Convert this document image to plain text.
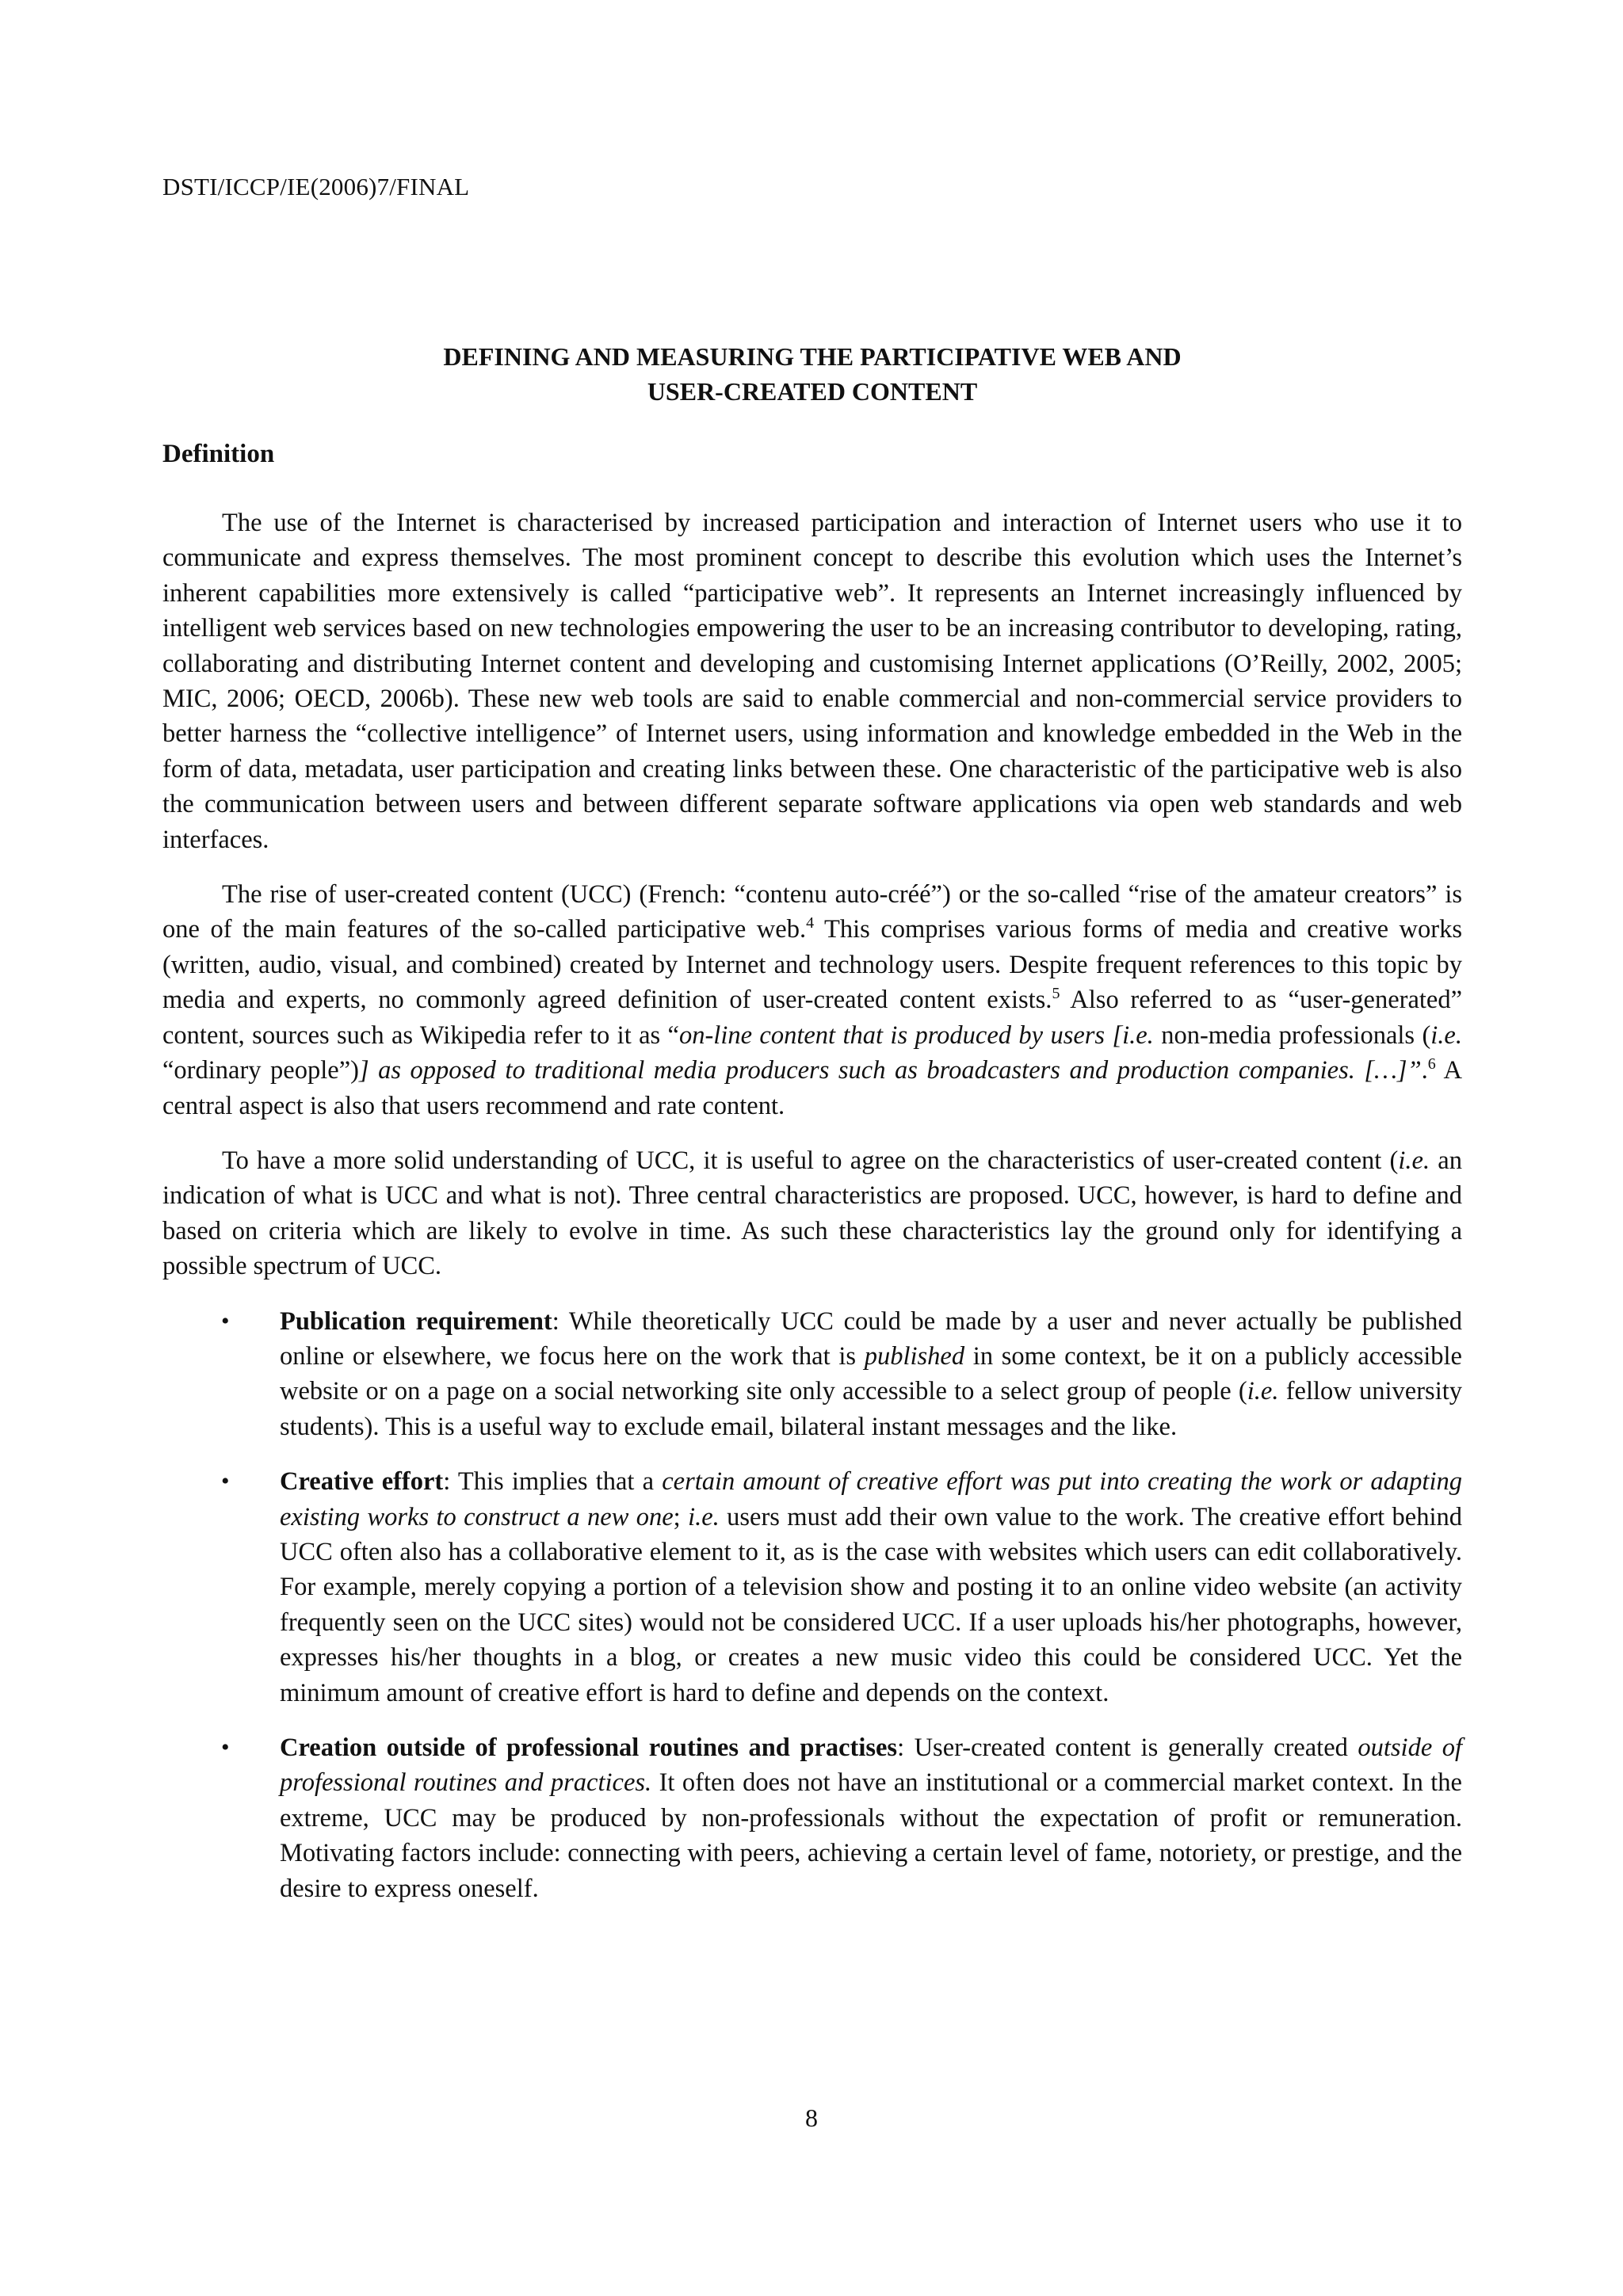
DSTI/ICCP/IE(2006)7/FINAL
DEFINING AND MEASURING THE PARTICIPATIVE WEB AND
USER-CREATED CONTENT
Definition

The use of the Internet is characterised by increased participation and interaction of Internet users who use it to communicate and express themselves. The most prominent concept to describe this evolution which uses the Internet’s inherent capabilities more extensively is called “participative web”. It represents an Internet increasingly influenced by intelligent web services based on new technologies empowering the user to be an increasing contributor to developing, rating, collaborating and distributing Internet content and developing and customising Internet applications (O’Reilly, 2002, 2005; MIC, 2006; OECD, 2006b). These new web tools are said to enable commercial and non-commercial service providers to better harness the “collective intelligence” of Internet users, using information and knowledge embedded in the Web in the form of data, metadata, user participation and creating links between these. One characteristic of the participative web is also the communication between users and between different separate software applications via open web standards and web interfaces.

The rise of user-created content (UCC) (French: “contenu auto-créé”) or the so-called “rise of the amateur creators” is one of the main features of the so-called participative web.$^4$ This comprises various forms of media and creative works (written, audio, visual, and combined) created by Internet and technology users. Despite frequent references to this topic by media and experts, no commonly agreed definition of user-created content exists.$^5$ Also referred to as “user-generated” content, sources such as Wikipedia refer to it as “on-line content that is produced by users [i.e. non-media professionals (i.e. “ordinary people”)] as opposed to traditional media producers such as broadcasters and production companies. […]”.$^6$ A central aspect is also that users recommend and rate content.

To have a more solid understanding of UCC, it is useful to agree on the characteristics of user-created content (i.e. an indication of what is UCC and what is not). Three central characteristics are proposed. UCC, however, is hard to define and based on criteria which are likely to evolve in time. As such these characteristics lay the ground only for identifying a possible spectrum of UCC.

• Publication requirement: While theoretically UCC could be made by a user and never actually be published online or elsewhere, we focus here on the work that is published in some context, be it on a publicly accessible website or on a page on a social networking site only accessible to a select group of people (i.e. fellow university students). This is a useful way to exclude email, bilateral instant messages and the like.
• Creative effort: This implies that a certain amount of creative effort was put into creating the work or adapting existing works to construct a new one; i.e. users must add their own value to the work. The creative effort behind UCC often also has a collaborative element to it, as is the case with websites which users can edit collaboratively. For example, merely copying a portion of a television show and posting it to an online video website (an activity frequently seen on the UCC sites) would not be considered UCC. If a user uploads his/her photographs, however, expresses his/her thoughts in a blog, or creates a new music video this could be considered UCC. Yet the minimum amount of creative effort is hard to define and depends on the context.
• Creation outside of professional routines and practises: User-created content is generally created outside of professional routines and practices. It often does not have an institutional or a commercial market context. In the extreme, UCC may be produced by non-professionals without the expectation of profit or remuneration. Motivating factors include: connecting with peers, achieving a certain level of fame, notoriety, or prestige, and the desire to express oneself.
8
